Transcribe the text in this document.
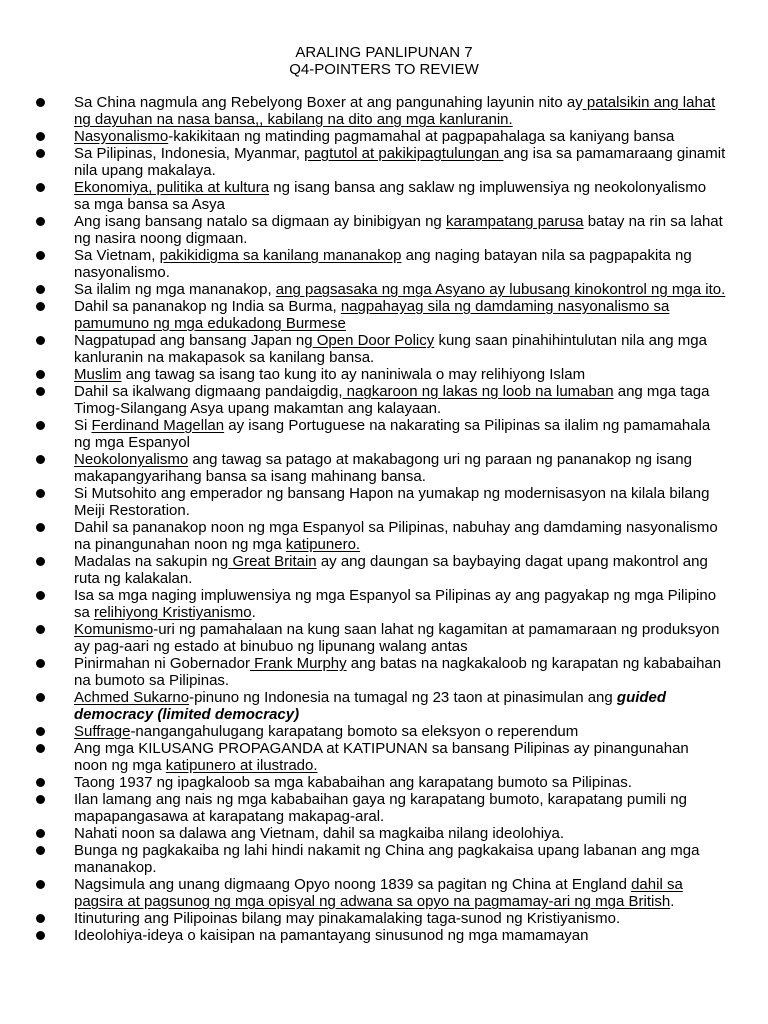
ARALING PANLIPUNAN 7
Q4-POINTERS TO REVIEW
Sa China nagmula ang Rebelyong Boxer at ang pangunahing layunin nito ay patalsikin ang lahat ng dayuhan na nasa bansa,, kabilang na dito ang mga kanluranin.
Nasyonalismo-kakikitaan ng matinding pagmamahal at pagpapahalaga sa kaniyang bansa
Sa Pilipinas, Indonesia, Myanmar, pagtutol at pakikipagtulungan ang isa sa pamamaraang ginamit nila upang makalaya.
Ekonomiya, pulitika at kultura ng isang bansa ang saklaw ng impluwensiya ng neokolonyalismo sa mga bansa sa Asya
Ang isang bansang natalo sa digmaan ay binibigyan ng karampatang parusa batay na rin sa lahat ng nasira noong digmaan.
Sa Vietnam, pakikidigma sa kanilang mananakop ang naging batayan nila sa pagpapakita ng nasyonalismo.
Sa ilalim ng mga mananakop, ang pagsasaka ng mga Asyano ay lubusang kinokontrol ng mga ito.
Dahil sa pananakop ng India sa Burma, nagpahayag sila ng damdaming nasyonalismo sa pamumuno ng mga edukadong Burmese
Nagpatupad ang bansang Japan ng Open Door Policy kung saan pinahihintulutan nila ang mga kanluranin na makapasok sa kanilang bansa.
Muslim ang tawag sa isang tao kung ito ay naniniwala o may relihiyong Islam
Dahil sa ikalwang digmaang pandaigdig, nagkaroon ng lakas ng loob na lumaban ang mga taga Timog-Silangang Asya upang makamtan ang kalayaan.
Si Ferdinand Magellan ay isang Portuguese na nakarating sa Pilipinas sa ilalim ng pamamahala ng mga Espanyol
Neokolonyalismo ang tawag sa patago at makabagong uri ng paraan ng pananakop ng isang makapangyarihang bansa sa isang mahinang bansa.
Si Mutsohito ang emperador ng bansang Hapon na yumakap ng modernisasyon na kilala bilang Meiji Restoration.
Dahil sa pananakop noon ng mga Espanyol sa Pilipinas, nabuhay ang damdaming nasyonalismo na pinangunahan noon ng mga katipunero.
Madalas na sakupin ng Great Britain ay ang daungan sa baybaying dagat upang makontrol ang ruta ng kalakalan.
Isa sa mga naging impluwensiya ng mga Espanyol sa Pilipinas ay ang pagyakap ng mga Pilipino sa relihiyong Kristiyanismo.
Komunismo-uri ng pamahalaan na kung saan lahat ng kagamitan at pamamaraan ng produksyon ay pag-aari ng estado at binubuo ng lipunang walang antas
Pinirmahan ni Gobernador Frank Murphy ang batas na nagkakaloob ng karapatan ng kababaihan na bumoto sa Pilipinas.
Achmed Sukarno-pinuno ng Indonesia na tumagal ng 23 taon at pinasimulan ang guided democracy (limited democracy)
Suffrage-nangangahulugang karapatang bomoto sa eleksyon o reperendum
Ang mga KILUSANG PROPAGANDA at KATIPUNAN sa bansang Pilipinas ay pinangunahan noon ng mga katipunero at ilustrado.
Taong 1937 ng ipagkaloob sa mga kababaihan ang karapatang bumoto sa Pilipinas.
Ilan lamang ang nais ng mga kababaihan gaya ng karapatang bumoto, karapatang pumili ng mapapangasawa at karapatang makapag-aral.
Nahati noon sa dalawa ang Vietnam, dahil sa magkaiba nilang ideolohiya.
Bunga ng pagkakaiba ng lahi hindi nakamit ng China ang pagkakaisa upang labanan ang mga mananakop.
Nagsimula ang unang digmaang Opyo noong 1839 sa pagitan ng China at England dahil sa pagsira at pagsunog ng mga opisyal ng adwana sa opyo na pagmamay-ari ng mga British.
Itinuturing ang Pilipoinas bilang may pinakamalaking taga-sunod ng Kristiyanismo.
Ideolohiya-ideya o kaisipan na pamantayang sinusunod ng mga mamamayan
